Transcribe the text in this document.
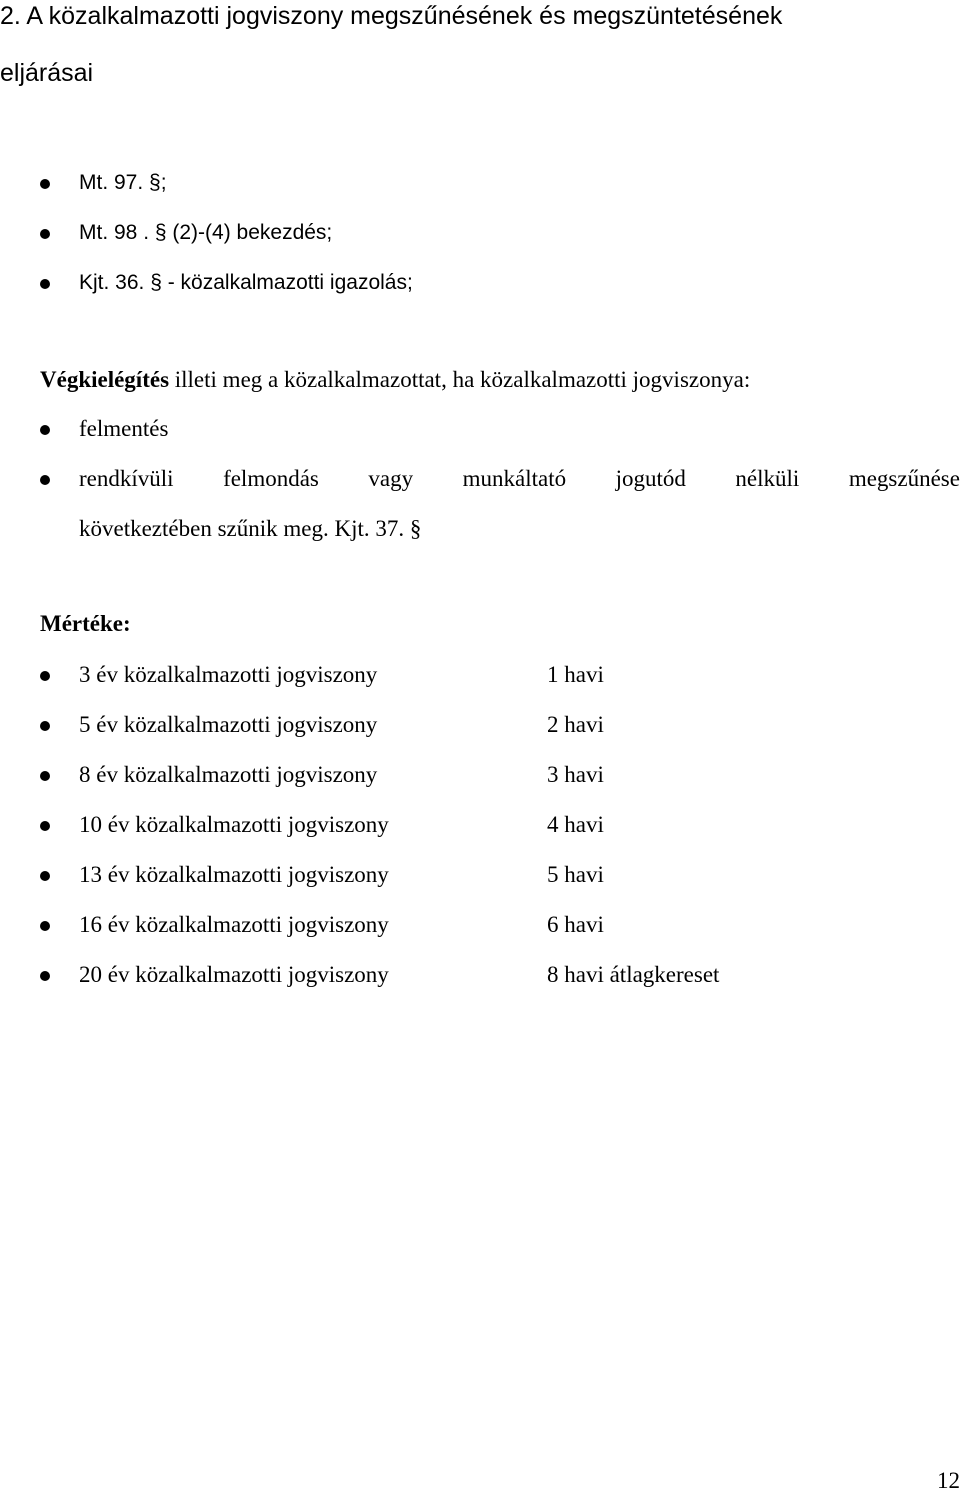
2. A közalkalmazotti jogviszony megszűnésének és megszüntetésének
eljárásai
Mt. 97. §;
Mt. 98 . § (2)-(4) bekezdés;
Kjt. 36. § - közalkalmazotti igazolás;
Végkielégítés illeti meg a közalkalmazottat, ha közalkalmazotti jogviszonya:
felmentés
rendkívüli felmondás vagy munkáltató jogutód nélküli megszűnése
következtében szűnik meg. Kjt. 37. §
Mértéke:
3 év közalkalmazotti jogviszony	1 havi
5 év közalkalmazotti jogviszony	2 havi
8 év közalkalmazotti jogviszony	3 havi
10 év közalkalmazotti jogviszony	4 havi
13 év közalkalmazotti jogviszony	5 havi
16 év közalkalmazotti jogviszony	6 havi
20 év közalkalmazotti jogviszony	8 havi átlagkereset
12
